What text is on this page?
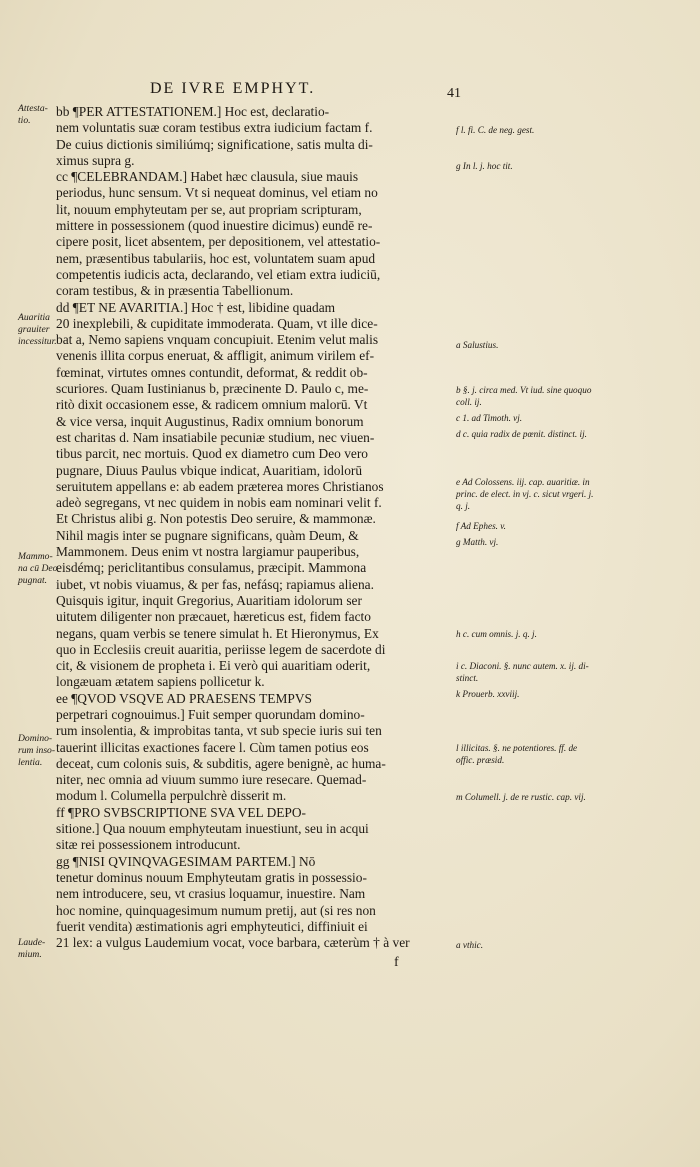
DE IVRE EMPHYT.	41
bb ¶PER ATTESTATIONEM.] Hoc est, declaratio-
nem voluntatis suæ coram testibus extra iudicium factam f.
De cuius dictionis similiúmq; significatione, satis multa di-
ximus supra g.
cc ¶CELEBRANDAM.] Habet hæc clausula, siue mauis
periodus, hunc sensum. Vt si nequeat dominus, vel etiam no
lit, nouum emphyteutam per se, aut propriam scripturam,
mittere in possessionem (quod inuestire dicimus) eundē re-
cipere posit, licet absentem, per depositionem, vel attestatio-
nem, præsentibus tabulariis, hoc est, voluntatem suam apud
competentis iudicis acta, declarando, vel etiam extra iudiciū,
coram testibus, & in præsentia Tabellionum.
dd ¶ET NE AVARITIA.] Hoc † est, libidine quadam
20 inexplebili, & cupiditate immoderata. Quam, vt ille dice-
bat a, Nemo sapiens vnquam concupiuit. Etenim velut malis
venenis illita corpus eneruat, & affligit, animum virilem ef-
fœminat, virtutes omnes contundit, deformat, & reddit ob-
scuriores. Quam Iustinianus b, præcinente D. Paulo c, me-
ritò dixit occasionem esse, & radicem omnium malorū. Vt
& vice versa, inquit Augustinus, Radix omnium bonorum
est charitas d. Nam insatiabile pecuniæ studium, nec viuen-
tibus parcit, nec mortuis. Quod ex diametro cum Deo vero
pugnare, Diuus Paulus vbique indicat, Auaritiam, idolorū
seruitutem appellans e: ab eadem præterea mores Christianos
adeò segregans, vt nec quidem in nobis eam nominari velit f.
Et Christus alibi g. Non potestis Deo seruire, & mammonæ.
Nihil magis inter se pugnare significans, quàm Deum, &
Mammonem. Deus enim vt nostra largiamur pauperibus,
eisdémq; periclitantibus consulamus, præcipit. Mammona
iubet, vt nobis viuamus, & per fas, nefásq; rapiamus aliena.
Quisquis igitur, inquit Gregorius, Auaritiam idolorum ser
uitutem diligenter non præcauet, hæreticus est, fidem facto
negans, quam verbis se tenere simulat h. Et Hieronymus, Ex
quo in Ecclesiis creuit auaritia, periisse legem de sacerdote di
cit, & visionem de propheta i. Ei verò qui auaritiam oderit,
longæuam ætatem sapiens pollicetur k.
ee ¶QVOD VSQVE AD PRAESENS TEMPVS
perpetrari cognouimus.] Fuit semper quorundam domino-
rum insolentia, & improbitas tanta, vt sub specie iuris sui ten
tauerint illicitas exactiones facere l. Cùm tamen potius eos
deceat, cum colonis suis, & subditis, agere benignè, ac huma-
niter, nec omnia ad viuum summo iure resecare. Quemad-
modum l. Columella perpulchrè disserit m.
ff ¶PRO SVBSCRIPTIONE SVA VEL DEPO-
sitione.] Qua nouum emphyteutam inuestiunt, seu in acqui
sitæ rei possessionem introducunt.
gg ¶NISI QVINQVAGESIMAM PARTEM.] Nō
tenetur dominus nouum Emphyteutam gratis in possessio-
nem introducere, seu, vt crasius loquamur, inuestire. Nam
hoc nomine, quinquagesimum numum pretij, aut (si res non
fuerit vendita) æstimationis agri emphyteutici, diffiniuit ei
21 lex: a vulgus Laudemium vocat, voce barbara, cæterùm † à ver
Attesta-
tio.
Auaritia
grauiter
incessitur.
Mammo-
na cū Deo
pugnat.
Domino-
rum inso-
lentia.
Laude-
mium.
f l. fi. C. de neg. gest.
g In l. j. hoc tit.
a Salustius.
b §. j. circa med. Vt iud. sine quoquo
coll. ij.
c 1. ad Timoth. vj.
d c. quia radix de pœnit. distinct. ij.
e Ad Colossens. iij. cap. auaritiæ. in
princ. de elect. in vj. c. sicut vrgeri. j.
q. j.
f Ad Ephes. v.
g Matth. vj.
h c. cum omnis. j. q. j.
i c. Diaconi. §. nunc autem. x. ij. di-
stinct.
k Prouerb. xxviij.
l illicitas. §. ne potentiores. ff. de
offic. præsid.
m Columell. j. de re rustic. cap. vij.
a vthic.
f
